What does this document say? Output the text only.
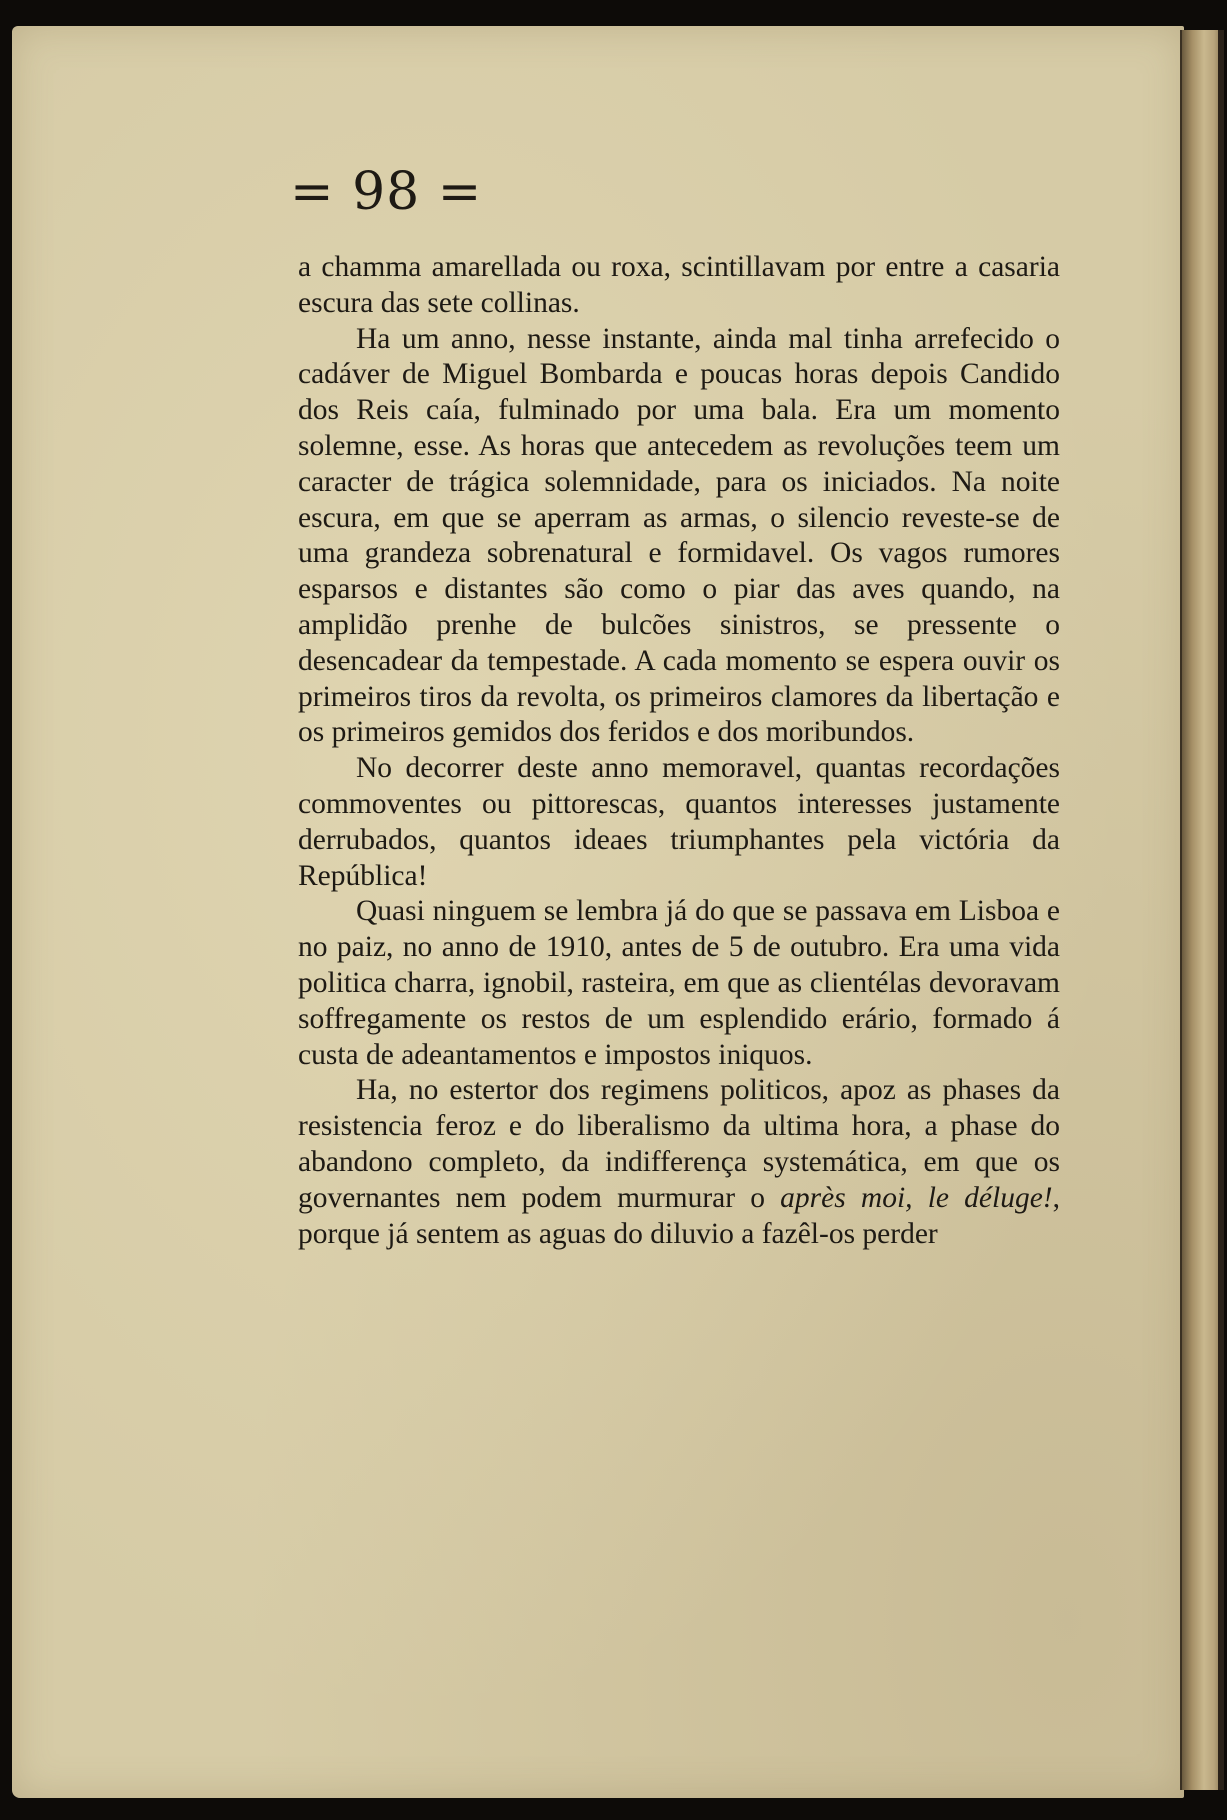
= 98 =

a chamma amarellada ou roxa, scintillavam por entre a casaria escura das sete collinas.

Ha um anno, nesse instante, ainda mal tinha arrefecido o cadáver de Miguel Bombarda e poucas horas depois Candido dos Reis caía, fulminado por uma bala. Era um momento solemne, esse. As horas que antecedem as revoluções teem um caracter de trágica solemnidade, para os iniciados. Na noite escura, em que se aperram as armas, o silencio reveste-se de uma grandeza sobrenatural e formidavel. Os vagos rumores esparsos e distantes são como o piar das aves quando, na amplidão prenhe de bulcões sinistros, se pressente o desencadear da tempestade. A cada momento se espera ouvir os primeiros tiros da revolta, os primeiros clamores da libertação e os primeiros gemidos dos feridos e dos moribundos.

No decorrer deste anno memoravel, quantas recordações commoventes ou pittorescas, quantos interesses justamente derrubados, quantos ideaes triumphantes pela victória da República!

Quasi ninguem se lembra já do que se passava em Lisboa e no paiz, no anno de 1910, antes de 5 de outubro. Era uma vida politica charra, ignobil, rasteira, em que as clientélas devoravam soffregamente os restos de um esplendido erário, formado á custa de adeantamentos e impostos iniquos.

Ha, no estertor dos regimens politicos, apoz as phases da resistencia feroz e do liberalismo da ultima hora, a phase do abandono completo, da indifferença systemática, em que os governantes nem podem murmurar o après moi, le déluge!, porque já sentem as aguas do diluvio a fazêl-os perder
